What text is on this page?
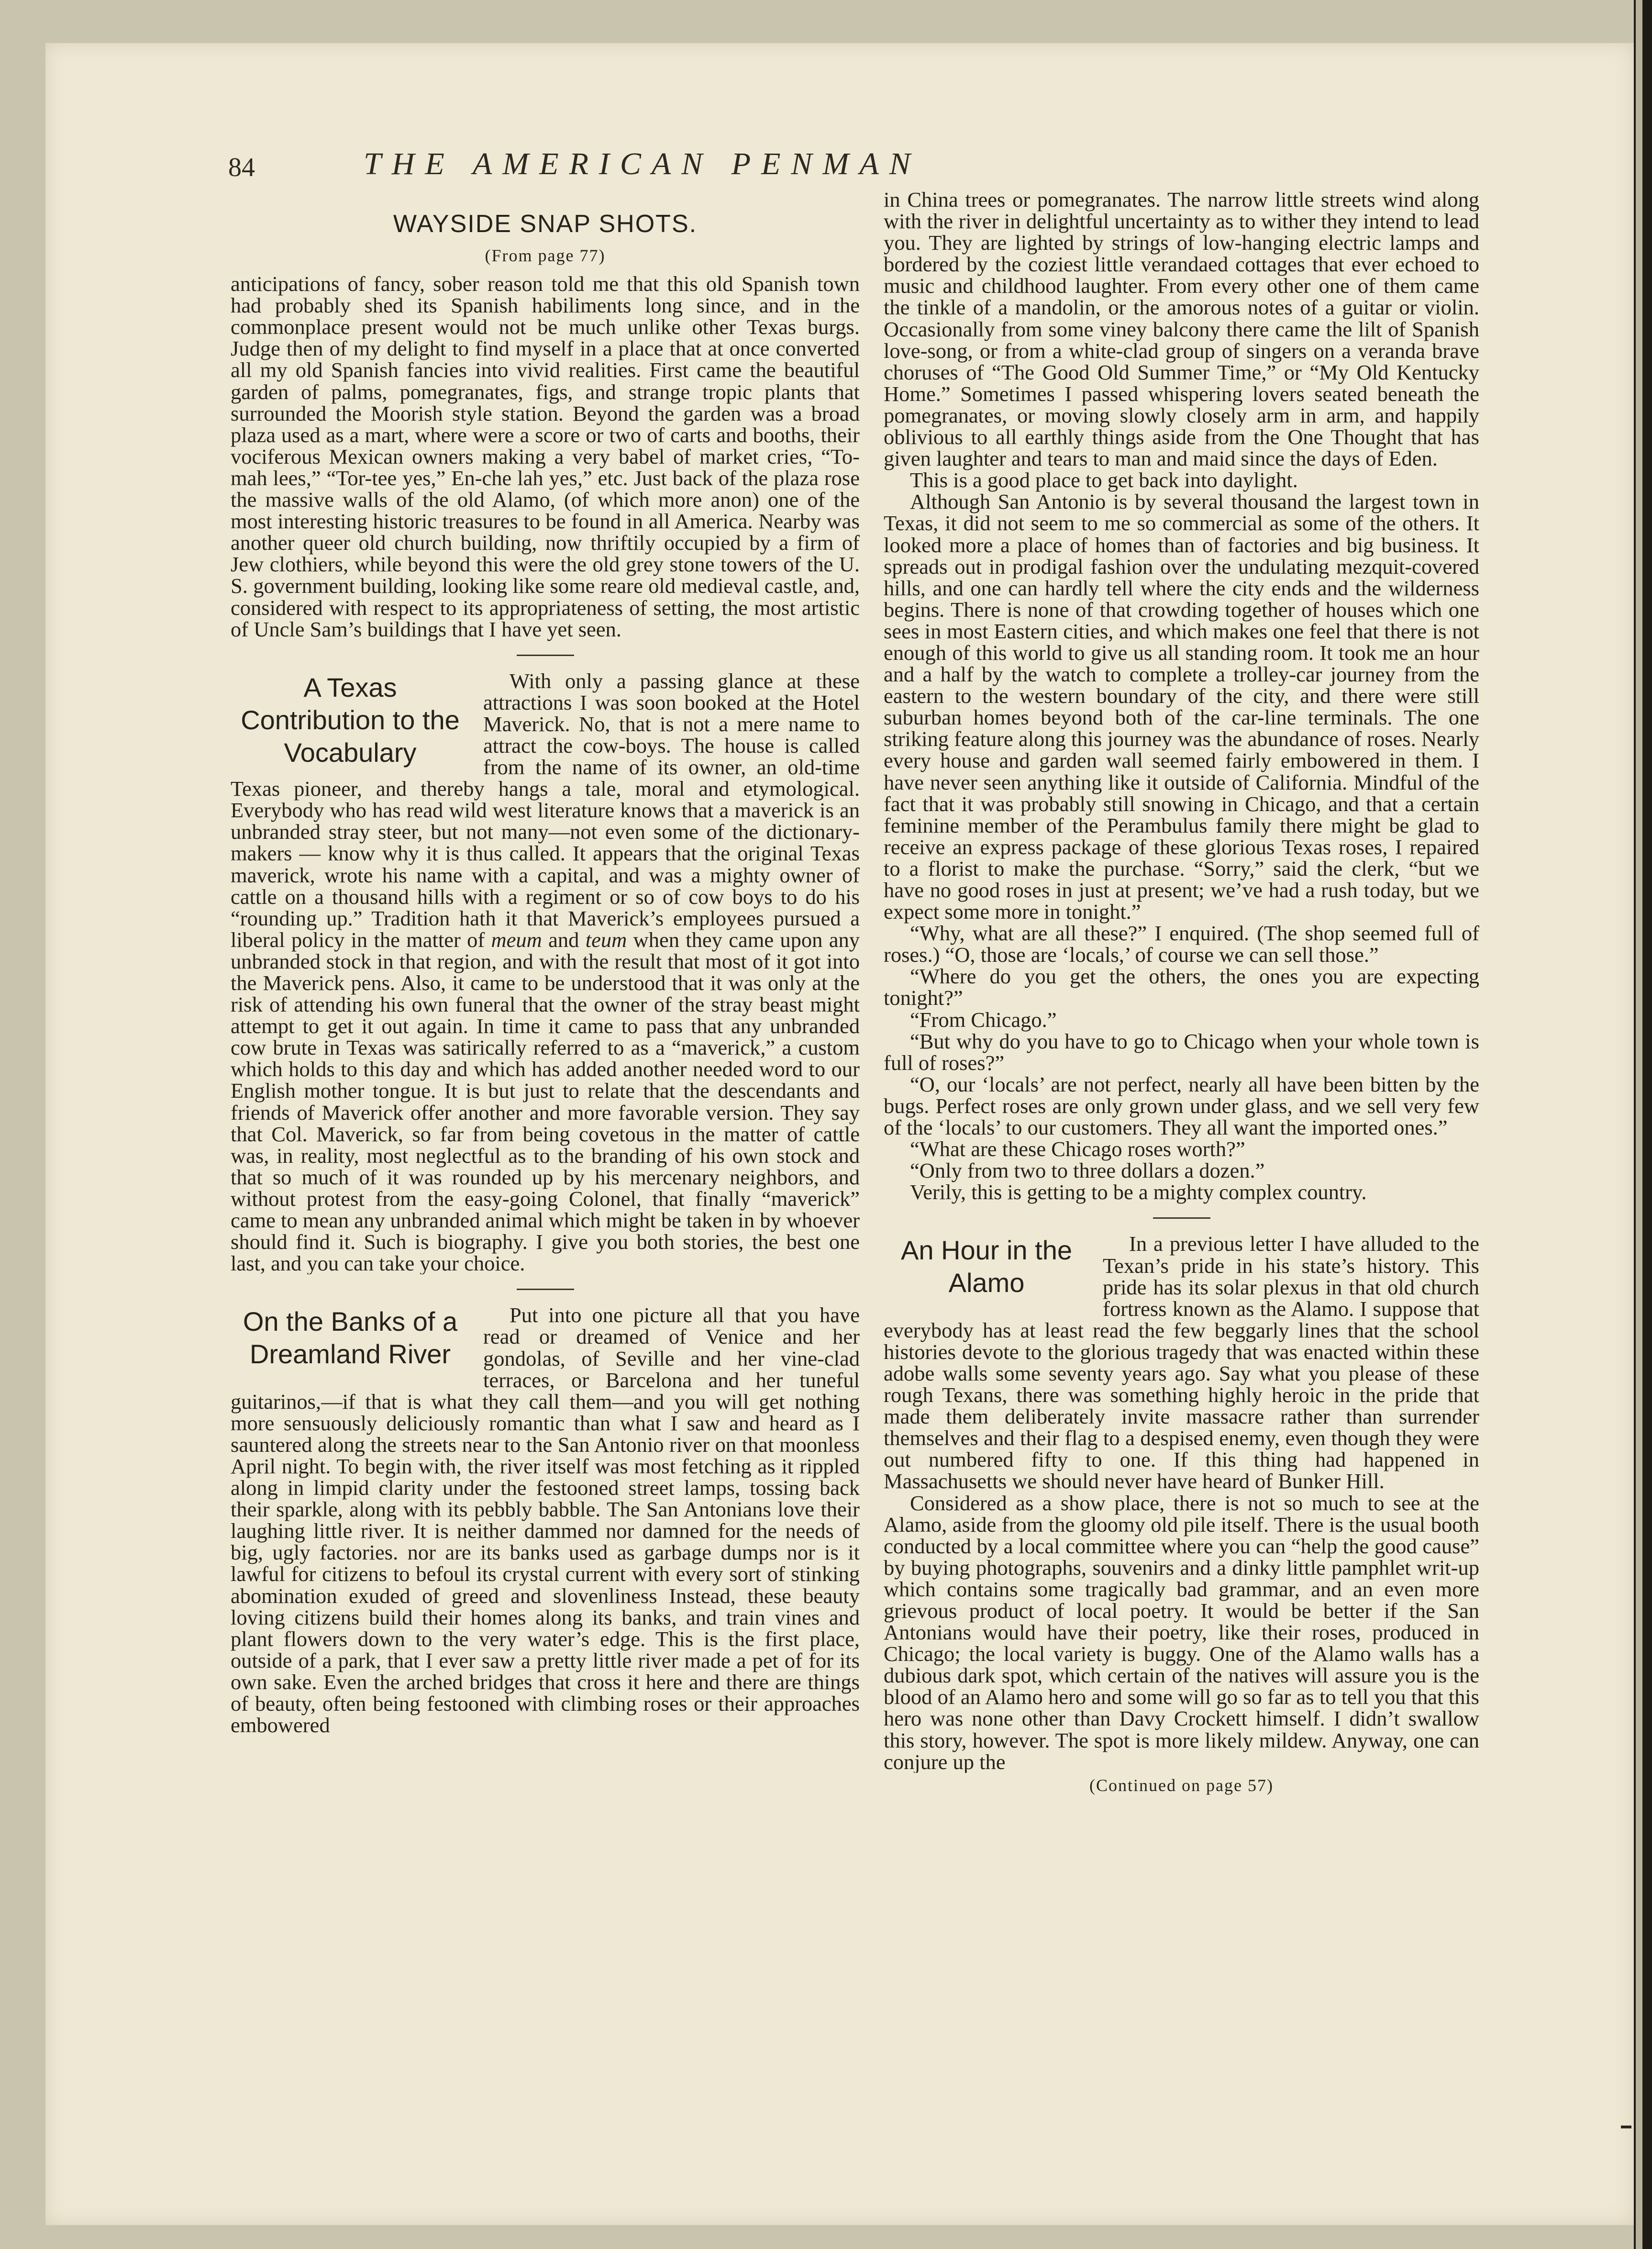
84	THE AMERICAN PENMAN
WAYSIDE SNAP SHOTS.
(From page 77)

anticipations of fancy, sober reason told me that this old Spanish town had probably shed its Spanish habiliments long since, and in the commonplace present would not be much unlike other Texas burgs. Judge then of my delight to find myself in a place that at once converted all my old Spanish fancies into vivid realities. First came the beautiful garden of palms, pomegranates, figs, and strange tropic plants that surrounded the Moorish style station. Beyond the garden was a broad plaza used as a mart, where were a score or two of carts and booths, their vociferous Mexican owners making a very babel of market cries, “To-mah lees,” “Tor-tee yes,” En-che lah yes,” etc. Just back of the plaza rose the massive walls of the old Alamo, (of which more anon) one of the most interesting historic treasures to be found in all America. Nearby was another queer old church building, now thriftily occupied by a firm of Jew clothiers, while beyond this were the old grey stone towers of the U. S. government building, looking like some reare old medieval castle, and, considered with respect to its appropriateness of setting, the most artistic of Uncle Sam’s buildings that I have yet seen.

A Texas Contribution to the Vocabulary

With only a passing glance at these attractions I was soon booked at the Hotel Maverick. No, that is not a mere name to attract the cow-boys. The house is called from the name of its owner, an old-time Texas pioneer, and thereby hangs a tale, moral and etymological. Everybody who has read wild west literature knows that a maverick is an unbranded stray steer, but not many—not even some of the dictionary-makers — know why it is thus called. It appears that the original Texas maverick, wrote his name with a capital, and was a mighty owner of cattle on a thousand hills with a regiment or so of cow boys to do his “rounding up.” Tradition hath it that Maverick’s employees pursued a liberal policy in the matter of meum and teum when they came upon any unbranded stock in that region, and with the result that most of it got into the Maverick pens. Also, it came to be understood that it was only at the risk of attending his own funeral that the owner of the stray beast might attempt to get it out again. In time it came to pass that any unbranded cow brute in Texas was satirically referred to as a “maverick,” a custom which holds to this day and which has added another needed word to our English mother tongue. It is but just to relate that the descendants and friends of Maverick offer another and more favorable version. They say that Col. Maverick, so far from being covetous in the matter of cattle was, in reality, most neglectful as to the branding of his own stock and that so much of it was rounded up by his mercenary neighbors, and without protest from the easy-going Colonel, that finally “maverick” came to mean any unbranded animal which might be taken in by whoever should find it. Such is biography. I give you both stories, the best one last, and you can take your choice.

On the Banks of a Dreamland River

Put into one picture all that you have read or dreamed of Venice and her gondolas, of Seville and her vine-clad terraces, or Barcelona and her tuneful guitarinos,—if that is what they call them—and you will get nothing more sensuously deliciously romantic than what I saw and heard as I sauntered along the streets near to the San Antonio river on that moonless April night. To begin with, the river itself was most fetching as it rippled along in limpid clarity under the festooned street lamps, tossing back their sparkle, along with its pebbly babble. The San Antonians love their laughing little river. It is neither dammed nor damned for the needs of big, ugly factories. nor are its banks used as garbage dumps nor is it lawful for citizens to befoul its crystal current with every sort of stinking abomination exuded of greed and slovenliness Instead, these beauty loving citizens build their homes along its banks, and train vines and plant flowers down to the very water’s edge. This is the first place, outside of a park, that I ever saw a pretty little river made a pet of for its own sake. Even the arched bridges that cross it here and there are things of beauty, often being festooned with climbing roses or their approaches embowered

in China trees or pomegranates. The narrow little streets wind along with the river in delightful uncertainty as to wither they intend to lead you. They are lighted by strings of low-hanging electric lamps and bordered by the coziest little verandaed cottages that ever echoed to music and childhood laughter. From every other one of them came the tinkle of a mandolin, or the amorous notes of a guitar or violin. Occasionally from some viney balcony there came the lilt of Spanish love-song, or from a white-clad group of singers on a veranda brave choruses of “The Good Old Summer Time,” or “My Old Kentucky Home.” Sometimes I passed whispering lovers seated beneath the pomegranates, or moving slowly closely arm in arm, and happily oblivious to all earthly things aside from the One Thought that has given laughter and tears to man and maid since the days of Eden.

This is a good place to get back into daylight.

Although San Antonio is by several thousand the largest town in Texas, it did not seem to me so commercial as some of the others. It looked more a place of homes than of factories and big business. It spreads out in prodigal fashion over the undulating mezquit-covered hills, and one can hardly tell where the city ends and the wilderness begins. There is none of that crowding together of houses which one sees in most Eastern cities, and which makes one feel that there is not enough of this world to give us all standing room. It took me an hour and a half by the watch to complete a trolley-car journey from the eastern to the western boundary of the city, and there were still suburban homes beyond both of the car-line terminals. The one striking feature along this journey was the abundance of roses. Nearly every house and garden wall seemed fairly embowered in them. I have never seen anything like it outside of California. Mindful of the fact that it was probably still snowing in Chicago, and that a certain feminine member of the Perambulus family there might be glad to receive an express package of these glorious Texas roses, I repaired to a florist to make the purchase. “Sorry,” said the clerk, “but we have no good roses in just at present; we’ve had a rush today, but we expect some more in tonight.”

“Why, what are all these?” I enquired. (The shop seemed full of roses.) “O, those are ‘locals,’ of course we can sell those.”

“Where do you get the others, the ones you are expecting tonight?”

“From Chicago.”

“But why do you have to go to Chicago when your whole town is full of roses?”

“O, our ‘locals’ are not perfect, nearly all have been bitten by the bugs. Perfect roses are only grown under glass, and we sell very few of the ‘locals’ to our customers. They all want the imported ones.”

“What are these Chicago roses worth?”

“Only from two to three dollars a dozen.”

Verily, this is getting to be a mighty complex country.

An Hour in the Alamo

In a previous letter I have alluded to the Texan’s pride in his state’s history. This pride has its solar plexus in that old church fortress known as the Alamo. I suppose that everybody has at least read the few beggarly lines that the school histories devote to the glorious tragedy that was enacted within these adobe walls some seventy years ago. Say what you please of these rough Texans, there was something highly heroic in the pride that made them deliberately invite massacre rather than surrender themselves and their flag to a despised enemy, even though they were out numbered fifty to one. If this thing had happened in Massachusetts we should never have heard of Bunker Hill.

Considered as a show place, there is not so much to see at the Alamo, aside from the gloomy old pile itself. There is the usual booth conducted by a local committee where you can “help the good cause” by buying photographs, souvenirs and a dinky little pamphlet writ-up which contains some tragically bad grammar, and an even more grievous product of local poetry. It would be better if the San Antonians would have their poetry, like their roses, produced in Chicago; the local variety is buggy. One of the Alamo walls has a dubious dark spot, which certain of the natives will assure you is the blood of an Alamo hero and some will go so far as to tell you that this hero was none other than Davy Crockett himself. I didn’t swallow this story, however. The spot is more likely mildew. Anyway, one can conjure up the

(Continued on page 57)
